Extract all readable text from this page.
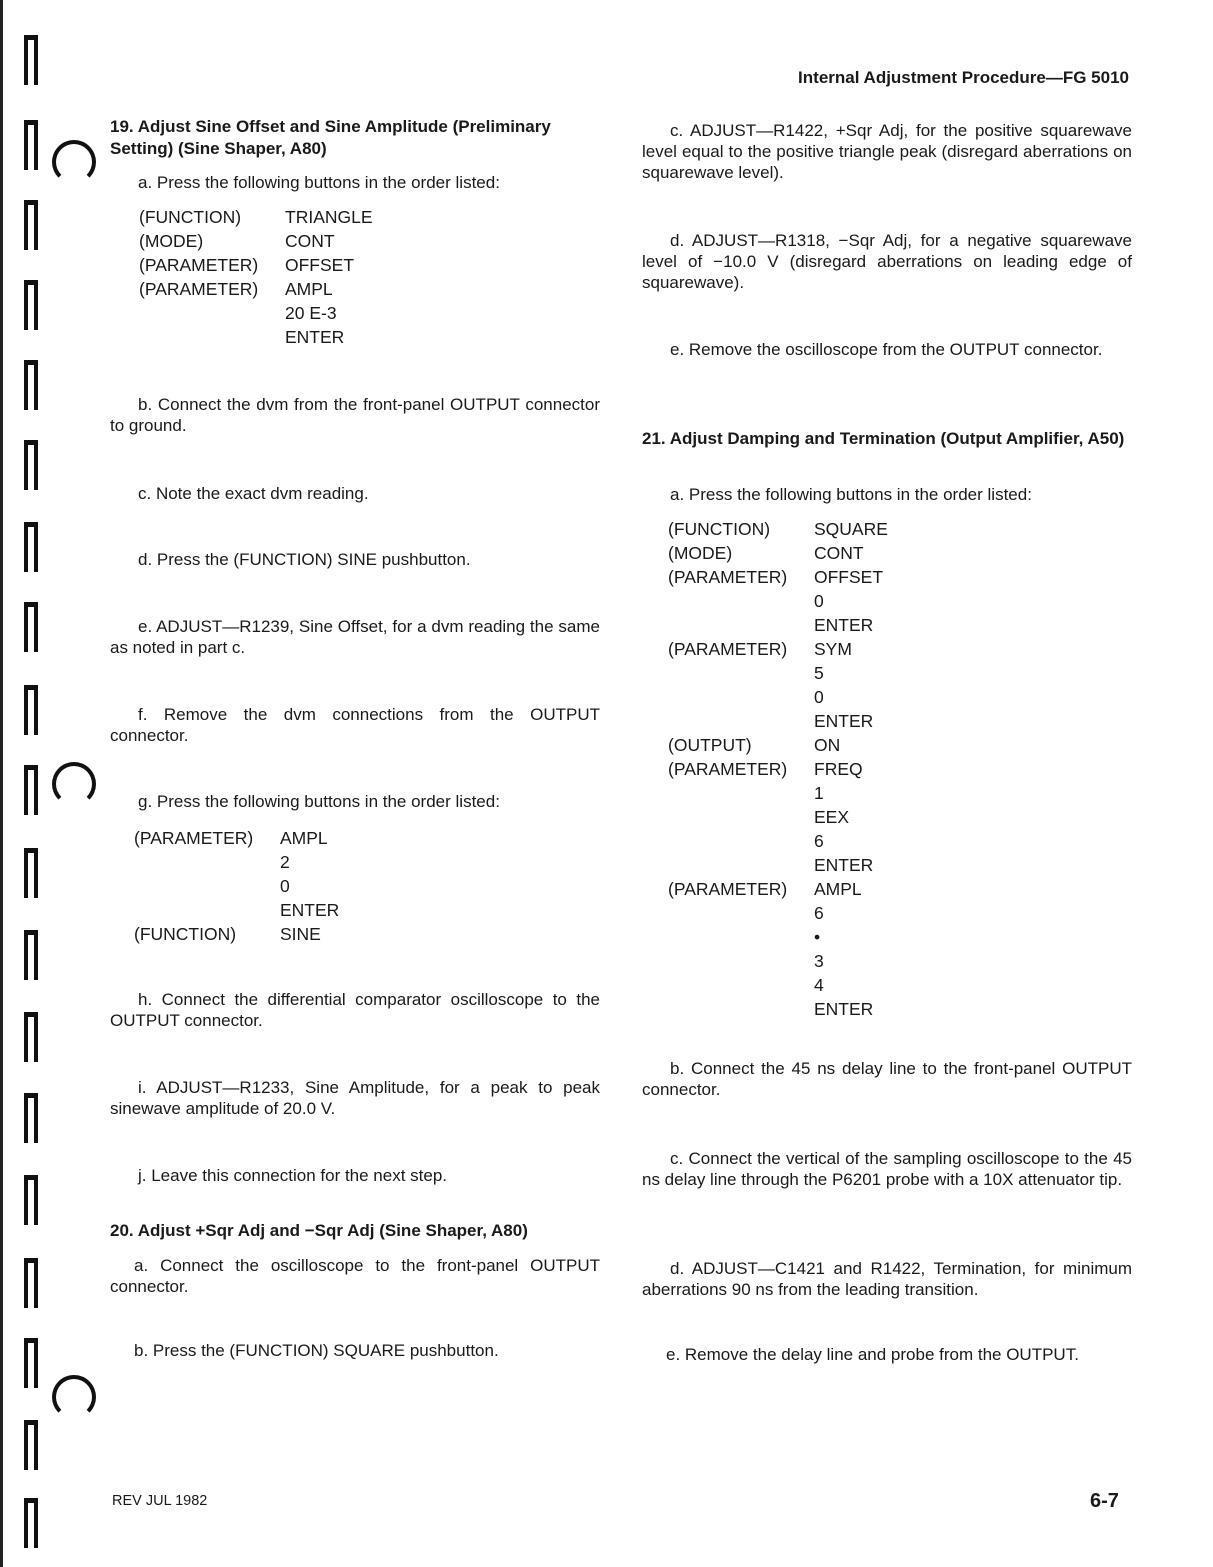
Internal Adjustment Procedure—FG 5010
19. Adjust Sine Offset and Sine Amplitude (Preliminary Setting) (Sine Shaper, A80)
a. Press the following buttons in the order listed:
(FUNCTION)	TRIANGLE
(MODE)	CONT
(PARAMETER)	OFFSET
(PARAMETER)	AMPL
20 E-3
ENTER
b. Connect the dvm from the front-panel OUTPUT connector to ground.
c. Note the exact dvm reading.
d. Press the (FUNCTION) SINE pushbutton.
e. ADJUST—R1239, Sine Offset, for a dvm reading the same as noted in part c.
f. Remove the dvm connections from the OUTPUT connector.
g. Press the following buttons in the order listed:
(PARAMETER)	AMPL
2
0
ENTER
(FUNCTION)	SINE
h. Connect the differential comparator oscilloscope to the OUTPUT connector.
i. ADJUST—R1233, Sine Amplitude, for a peak to peak sinewave amplitude of 20.0 V.
j. Leave this connection for the next step.
20. Adjust +Sqr Adj and −Sqr Adj (Sine Shaper, A80)
a. Connect the oscilloscope to the front-panel OUTPUT connector.
b. Press the (FUNCTION) SQUARE pushbutton.
c. ADJUST—R1422, +Sqr Adj, for the positive squarewave level equal to the positive triangle peak (disregard aberrations on squarewave level).
d. ADJUST—R1318, −Sqr Adj, for a negative squarewave level of −10.0 V (disregard aberrations on leading edge of squarewave).
e. Remove the oscilloscope from the OUTPUT connector.
21. Adjust Damping and Termination (Output Amplifier, A50)
a. Press the following buttons in the order listed:
(FUNCTION)	SQUARE
(MODE)	CONT
(PARAMETER)	OFFSET
0
ENTER
(PARAMETER)	SYM
5
0
ENTER
(OUTPUT)	ON
(PARAMETER)	FREQ
1
EEX
6
ENTER
(PARAMETER)	AMPL
6
•
3
4
ENTER
b. Connect the 45 ns delay line to the front-panel OUTPUT connector.
c. Connect the vertical of the sampling oscilloscope to the 45 ns delay line through the P6201 probe with a 10X attenuator tip.
d. ADJUST—C1421 and R1422, Termination, for minimum aberrations 90 ns from the leading transition.
e. Remove the delay line and probe from the OUTPUT.
REV JUL 1982	6-7
